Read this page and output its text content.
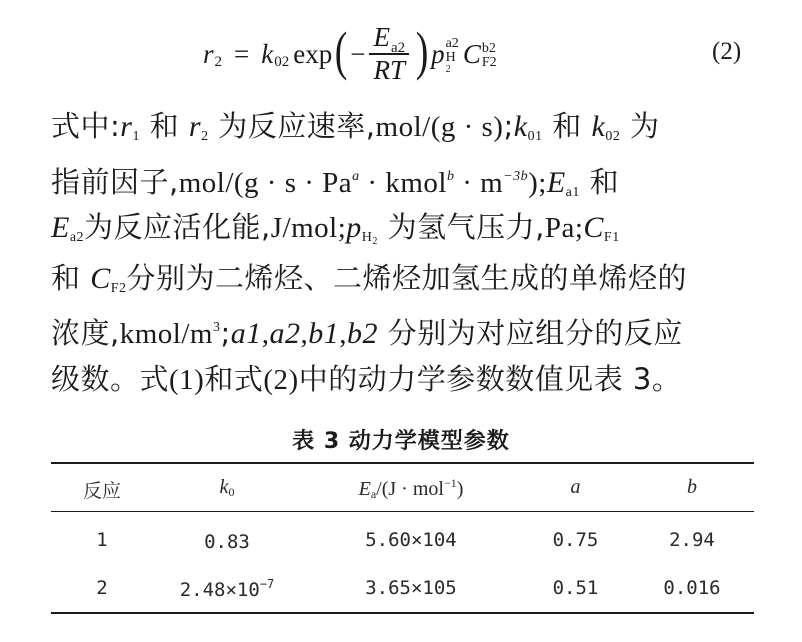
r 2 = k 02 exp ( − $\frac{E_{a2}}{RT}$ ) p a2
H
2
C b2
F2	(2)
式中:r1 和 r2 为反应速率,mol/(g · s);k01 和 k02 为
指前因子$,mol/(g \cdot s \cdot Pa^a$ · kmol$^b$ · $m^{-3b});Ea1$ 和
Ea2为反应活化能$,J/mol;pH_2$ 为氢气压力,Pa;CF1
和 CF2分别为二烯烃、二烯烃加氢生成的单烯烃的
浓度$,kmol/m^3;a1,a2,b1,b2$ 分别为对应组分的反应
级数。式(1)和式(2)中的动力学参数数值见表 3。
表 3 动力学模型参数
反应	k0	Ea/(J · mol$^{-1}$)	a	b
1	0.83	5.60×104	0.75	2.94
2	$2.48\times 10^{-7}$	3.65×105	0.51	0.016
